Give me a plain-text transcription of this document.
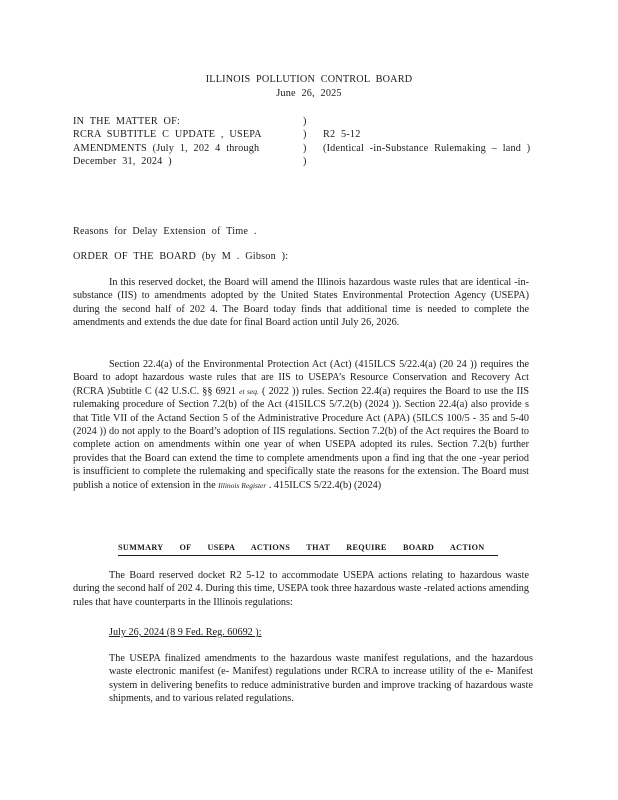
ILLINOIS POLLUTION CONTROL BOARD
June 26, 2025
IN THE MATTER OF:	)
RCRA SUBTITLE C UPDATE , USEPA	)	R2 5-12
AMENDMENTS (July 1, 202 4 through	)	(Identical -in-Substance Rulemaking – land )
December 31, 2024 )	)
Reasons for Delay Extension of Time .
ORDER OF THE BOARD (by M . Gibson ):
In this reserved docket, the Board will amend the Illinois hazardous waste rules that are identical -in-substance (IIS) to amendments adopted by the United States Environmental Protection Agency (USEPA) during the second half of 202 4. The Board today finds that additional time is needed to complete the amendments and extends the due date for final Board action until July 26, 2026.
Section 22.4(a) of the Environmental Protection Act (Act) (415ILCS 5/22.4(a) (20 24 )) requires the Board to adopt hazardous waste rules that are IIS to USEPA’s Resource Conservation and Recovery Act (RCRA )Subtitle C (42 U.S.C. §§ 6921 et seq. ( 2022 )) rules. Section 22.4(a) requires the Board to use the IIS rulemaking procedure of Section 7.2(b) of the Act (415ILCS 5/7.2(b) (2024 )). Section 22.4(a) also provide s that Title VII of the Actand Section 5 of the Administrative Procedure Act (APA) (5ILCS 100/5 - 35 and 5-40 (2024 )) do not apply to the Board’s adoption of IIS regulations. Section 7.2(b) of the Act requires the Board to complete action on amendments within one year of when USEPA adopted its rules. Section 7.2(b) further provides that the Board can extend the time to complete amendments upon a find ing that the one -year period is insufficient to complete the rulemaking and specifically state the reasons for the extension. The Board must publish a notice of extension in the Illinois Register . 415ILCS 5/22.4(b) (2024)
SUMMARY OF USEPA ACTIONS THAT REQUIRE BOARD ACTION
The Board reserved docket R2 5-12 to accommodate USEPA actions relating to hazardous waste during the second half of 202 4. During this time, USEPA took three hazardous waste -related actions amending rules that have counterparts in the Illinois regulations:
July 26, 2024 (8 9 Fed. Reg. 60692 ):
The USEPA finalized amendments to the hazardous waste manifest regulations, and the hazardous waste electronic manifest (e- Manifest) regulations under RCRA to increase utility of the e- Manifest system in delivering benefits to reduce administrative burden and improve tracking of hazardous waste shipments, and to various related regulations.
